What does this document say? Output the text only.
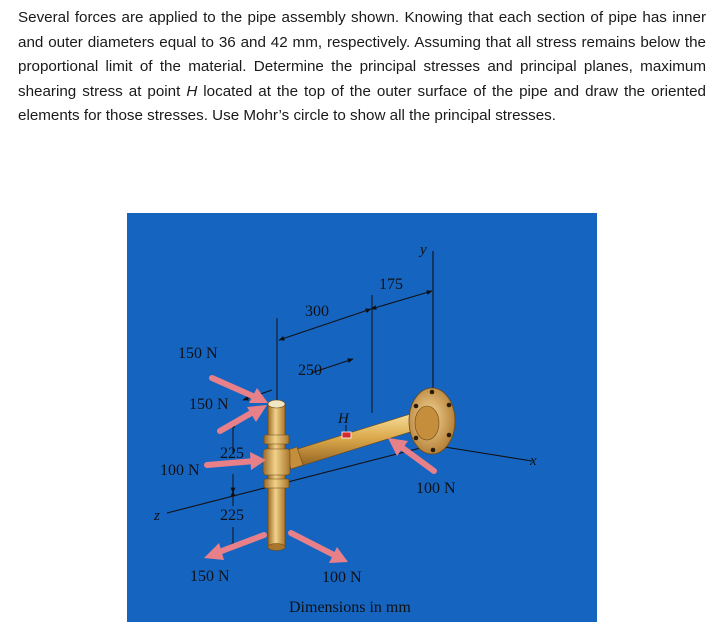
Several forces are applied to the pipe assembly shown. Knowing that each section of pipe has inner and outer diameters equal to 36 and 42 mm, respectively. Assuming that all stress remains below the proportional limit of the material. Determine the principal stresses and principal planes, maximum shearing stress at point H located at the top of the outer surface of the pipe and draw the oriented elements for those stresses. Use Mohr’s circle to show all the principal stresses.

175
300
250
225
225
y
x
z
H
150 N
150 N
100 N
150 N	100 N
100 N
Dimensions in mm
